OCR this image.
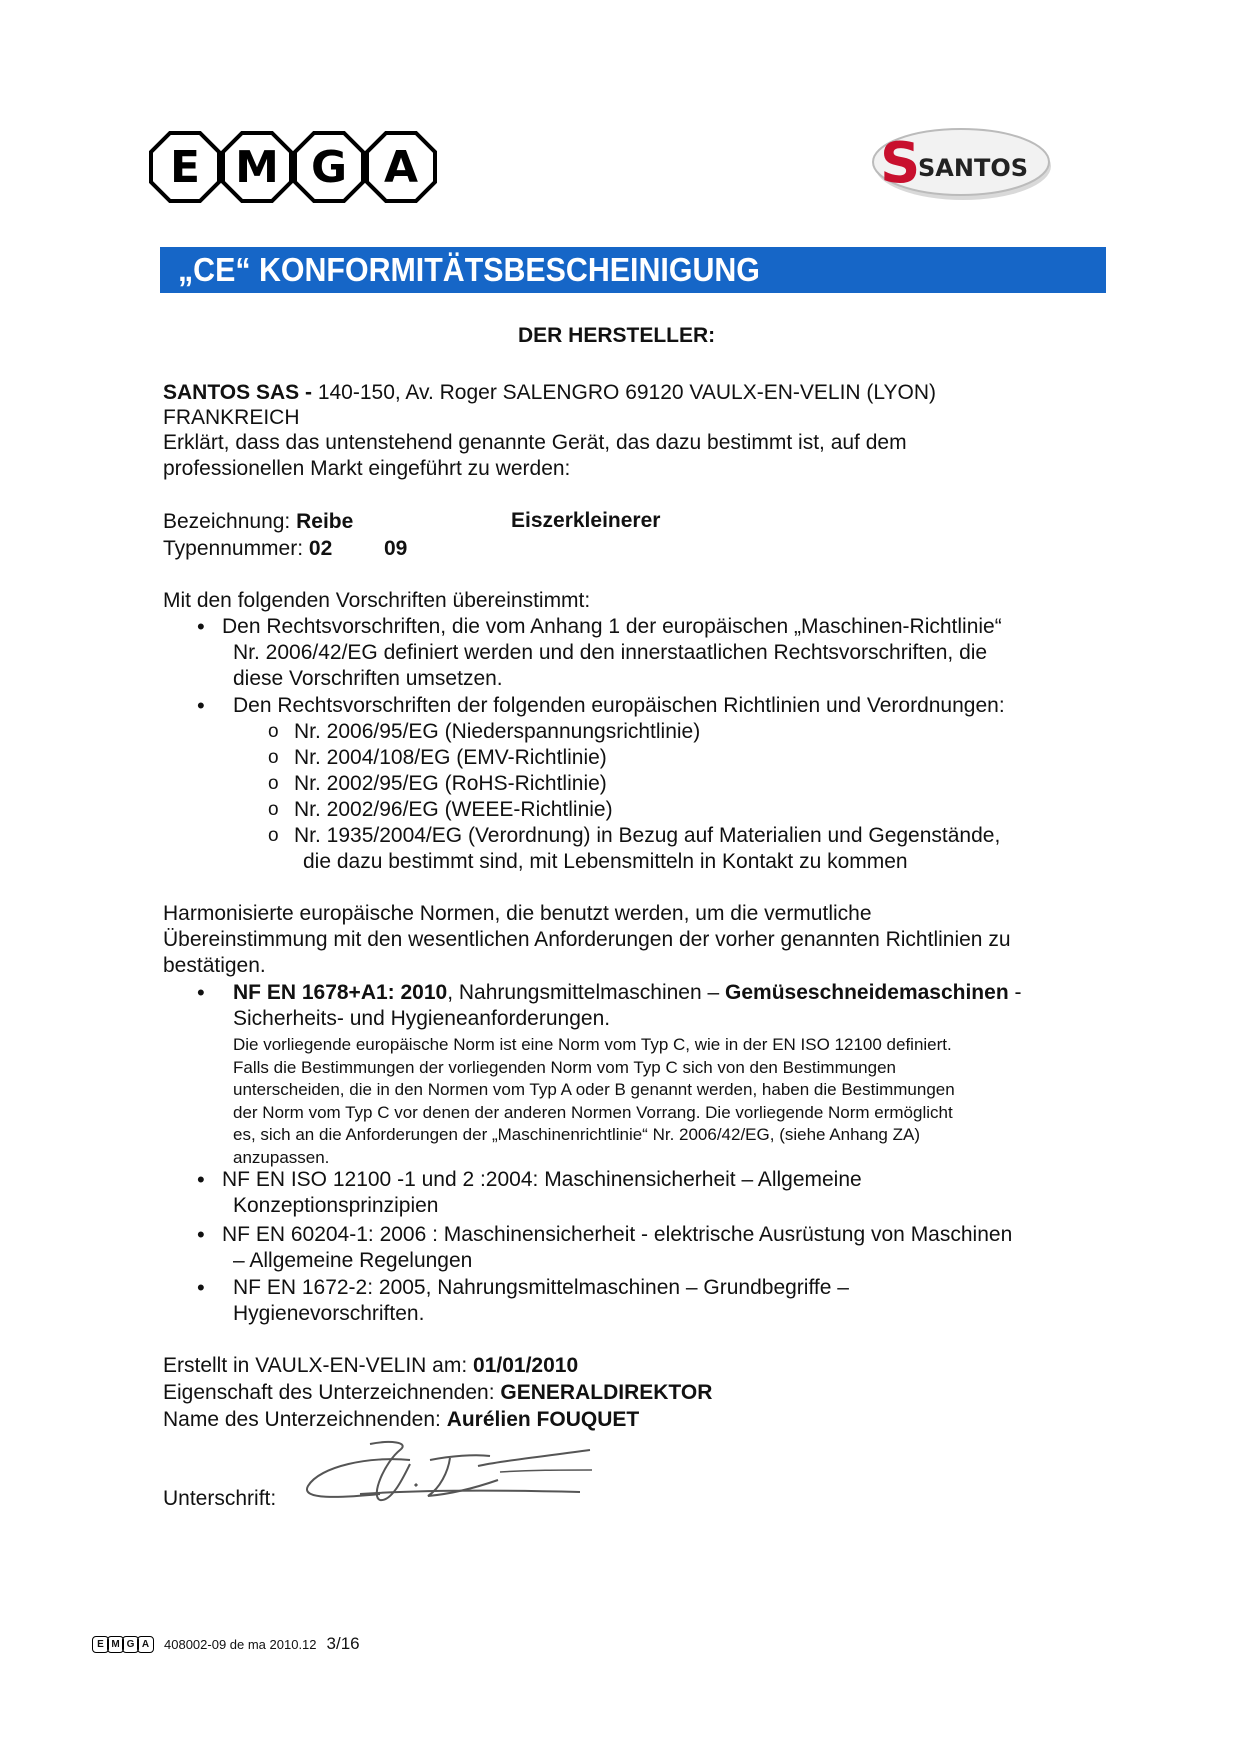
E M G A	S
SANTOS
„CE“ KONFORMITÄTSBESCHEINIGUNG
DER HERSTELLER:
SANTOS SAS - 140-150, Av. Roger SALENGRO 69120 VAULX-EN-VELIN (LYON)
FRANKREICH
Erklärt, dass das untenstehend genannte Gerät, das dazu bestimmt ist, auf dem
professionellen Markt eingeführt zu werden:
Bezeichnung: Reibe	Eiszerkleinerer
Typennummer: 02 09
Mit den folgenden Vorschriften übereinstimmt:
• Den Rechtsvorschriften, die vom Anhang 1 der europäischen „Maschinen-Richtlinie“
Nr. 2006/42/EG definiert werden und den innerstaatlichen Rechtsvorschriften, die
diese Vorschriften umsetzen.
• Den Rechtsvorschriften der folgenden europäischen Richtlinien und Verordnungen:
o Nr. 2006/95/EG (Niederspannungsrichtlinie)
o Nr. 2004/108/EG (EMV-Richtlinie)
o Nr. 2002/95/EG (RoHS-Richtlinie)
o Nr. 2002/96/EG (WEEE-Richtlinie)
o Nr. 1935/2004/EG (Verordnung) in Bezug auf Materialien und Gegenstände,
die dazu bestimmt sind, mit Lebensmitteln in Kontakt zu kommen
Harmonisierte europäische Normen, die benutzt werden, um die vermutliche
Übereinstimmung mit den wesentlichen Anforderungen der vorher genannten Richtlinien zu
bestätigen.
• NF EN 1678+A1: 2010, Nahrungsmittelmaschinen – Gemüseschneidemaschinen -
Sicherheits- und Hygieneanforderungen.
Die vorliegende europäische Norm ist eine Norm vom Typ C, wie in der EN ISO 12100 definiert.
Falls die Bestimmungen der vorliegenden Norm vom Typ C sich von den Bestimmungen
unterscheiden, die in den Normen vom Typ A oder B genannt werden, haben die Bestimmungen
der Norm vom Typ C vor denen der anderen Normen Vorrang. Die vorliegende Norm ermöglicht
es, sich an die Anforderungen der „Maschinenrichtlinie“ Nr. 2006/42/EG, (siehe Anhang ZA)
anzupassen.
• NF EN ISO 12100 -1 und 2 :2004: Maschinensicherheit – Allgemeine
Konzeptionsprinzipien
• NF EN 60204-1: 2006 : Maschinensicherheit - elektrische Ausrüstung von Maschinen
– Allgemeine Regelungen
• NF EN 1672-2: 2005, Nahrungsmittelmaschinen – Grundbegriffe –
Hygienevorschriften.
Erstellt in VAULX-EN-VELIN am: 01/01/2010
Eigenschaft des Unterzeichnenden: GENERALDIREKTOR
Name des Unterzeichnenden: Aurélien FOUQUET
Unterschrift:
E M G A	408002-09 de ma 2010.12 3/16
